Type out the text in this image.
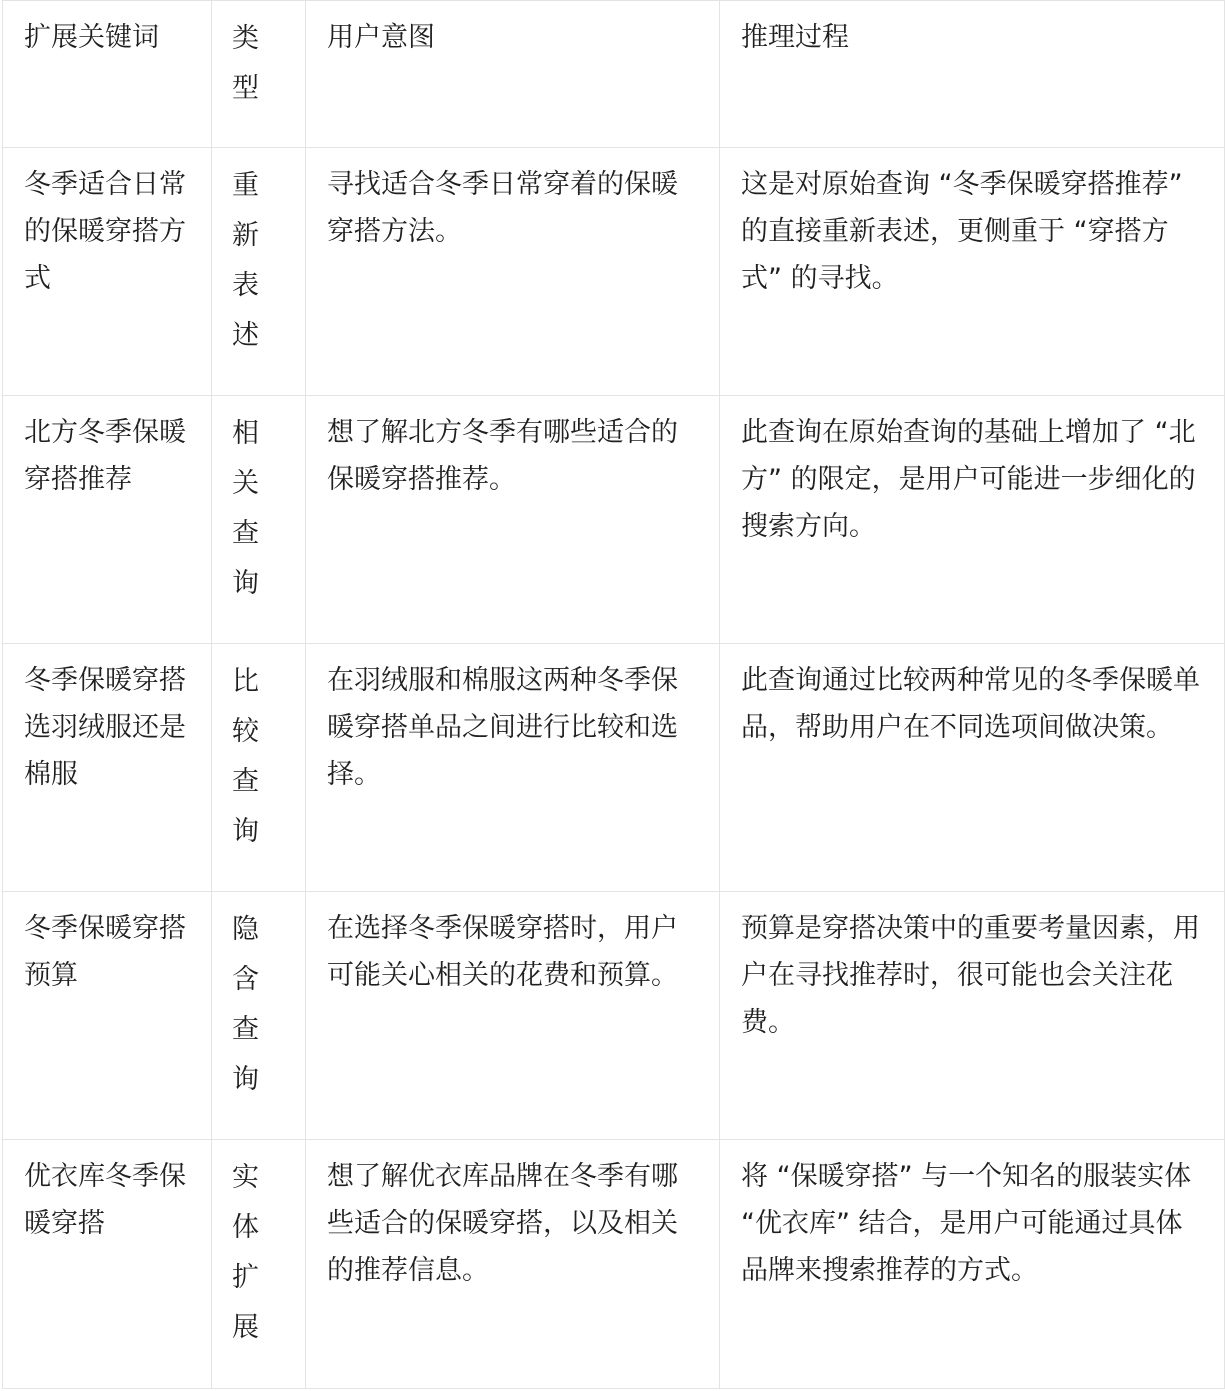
扩展关键词	类型	用户意图	推理过程
冬季适合日常的保暖穿搭方式	重新表述	寻找适合冬季日常穿着的保暖穿搭方法。	这是对原始查询 “冬季保暖穿搭推荐” 的直接重新表述，更侧重于 “穿搭方式” 的寻找。
北方冬季保暖穿搭推荐	相关查询	想了解北方冬季有哪些适合的保暖穿搭推荐。	此查询在原始查询的基础上增加了 “北方” 的限定，是用户可能进一步细化的搜索方向。
冬季保暖穿搭选羽绒服还是棉服	比较查询	在羽绒服和棉服这两种冬季保暖穿搭单品之间进行比较和选择。	此查询通过比较两种常见的冬季保暖单品，帮助用户在不同选项间做决策。
冬季保暖穿搭预算	隐含查询	在选择冬季保暖穿搭时，用户可能关心相关的花费和预算。	预算是穿搭决策中的重要考量因素，用户在寻找推荐时，很可能也会关注花费。
优衣库冬季保暖穿搭	实体扩展	想了解优衣库品牌在冬季有哪些适合的保暖穿搭，以及相关的推荐信息。	将 “保暖穿搭” 与一个知名的服装实体 “优衣库” 结合，是用户可能通过具体品牌来搜索推荐的方式。
